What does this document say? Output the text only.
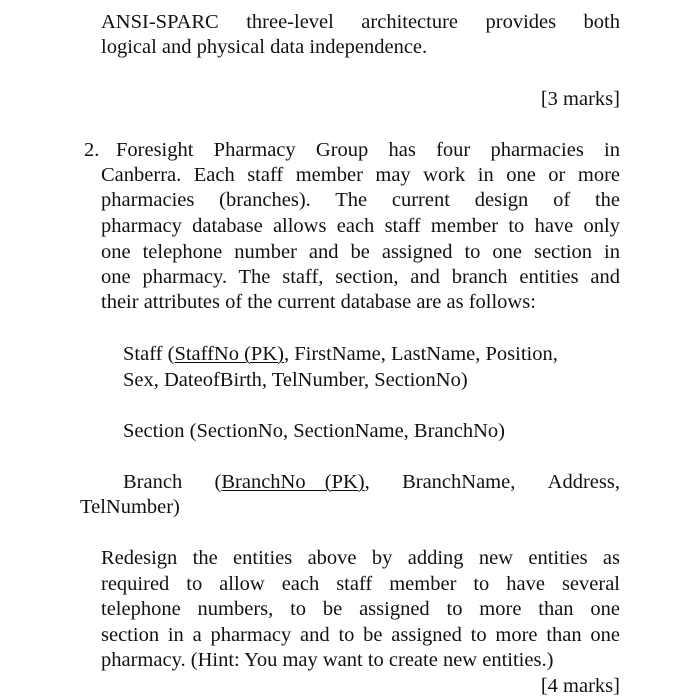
ANSI-SPARC three-level architecture provides both
logical and physical data independence.
[3 marks]
2. Foresight Pharmacy Group has four pharmacies in
Canberra. Each staff member may work in one or more
pharmacies (branches). The current design of the
pharmacy database allows each staff member to have only
one telephone number and be assigned to one section in
one pharmacy. The staff, section, and branch entities and
their attributes of the current database are as follows:
Staff (StaffNo (PK), FirstName, LastName, Position,
Sex, DateofBirth, TelNumber, SectionNo)
Section (SectionNo, SectionName, BranchNo)
Branch (BranchNo (PK), BranchName, Address,
TelNumber)
Redesign the entities above by adding new entities as
required to allow each staff member to have several
telephone numbers, to be assigned to more than one
section in a pharmacy and to be assigned to more than one
pharmacy. (Hint: You may want to create new entities.)
[4 marks]
